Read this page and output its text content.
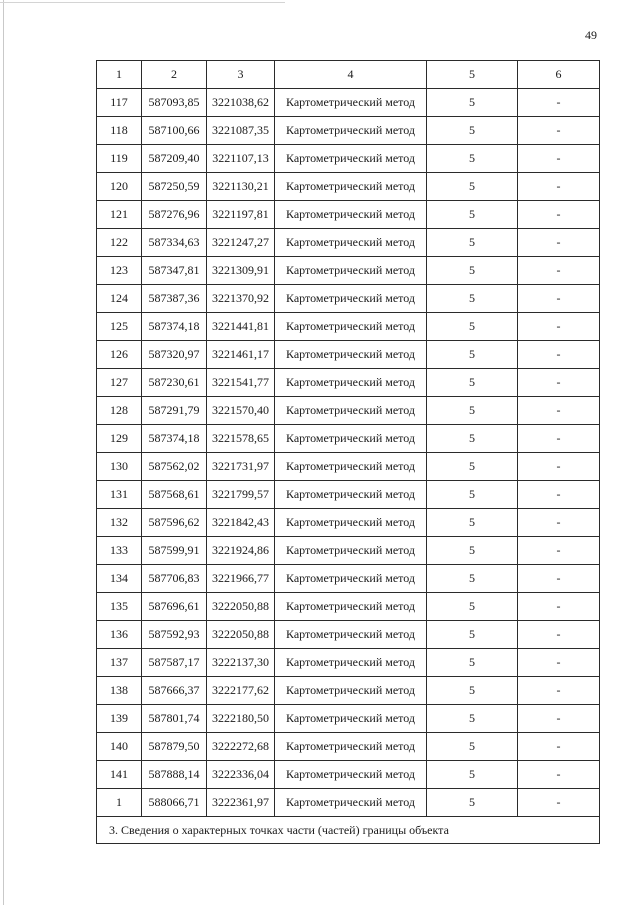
49
1	2	3	4	5	6
117	587093,85	3221038,62	Картометрический метод	5	-
118	587100,66	3221087,35	Картометрический метод	5	-
119	587209,40	3221107,13	Картометрический метод	5	-
120	587250,59	3221130,21	Картометрический метод	5	-
121	587276,96	3221197,81	Картометрический метод	5	-
122	587334,63	3221247,27	Картометрический метод	5	-
123	587347,81	3221309,91	Картометрический метод	5	-
124	587387,36	3221370,92	Картометрический метод	5	-
125	587374,18	3221441,81	Картометрический метод	5	-
126	587320,97	3221461,17	Картометрический метод	5	-
127	587230,61	3221541,77	Картометрический метод	5	-
128	587291,79	3221570,40	Картометрический метод	5	-
129	587374,18	3221578,65	Картометрический метод	5	-
130	587562,02	3221731,97	Картометрический метод	5	-
131	587568,61	3221799,57	Картометрический метод	5	-
132	587596,62	3221842,43	Картометрический метод	5	-
133	587599,91	3221924,86	Картометрический метод	5	-
134	587706,83	3221966,77	Картометрический метод	5	-
135	587696,61	3222050,88	Картометрический метод	5	-
136	587592,93	3222050,88	Картометрический метод	5	-
137	587587,17	3222137,30	Картометрический метод	5	-
138	587666,37	3222177,62	Картометрический метод	5	-
139	587801,74	3222180,50	Картометрический метод	5	-
140	587879,50	3222272,68	Картометрический метод	5	-
141	587888,14	3222336,04	Картометрический метод	5	-
1	588066,71	3222361,97	Картометрический метод	5	-
3. Сведения о характерных точках части (частей) границы объекта					
